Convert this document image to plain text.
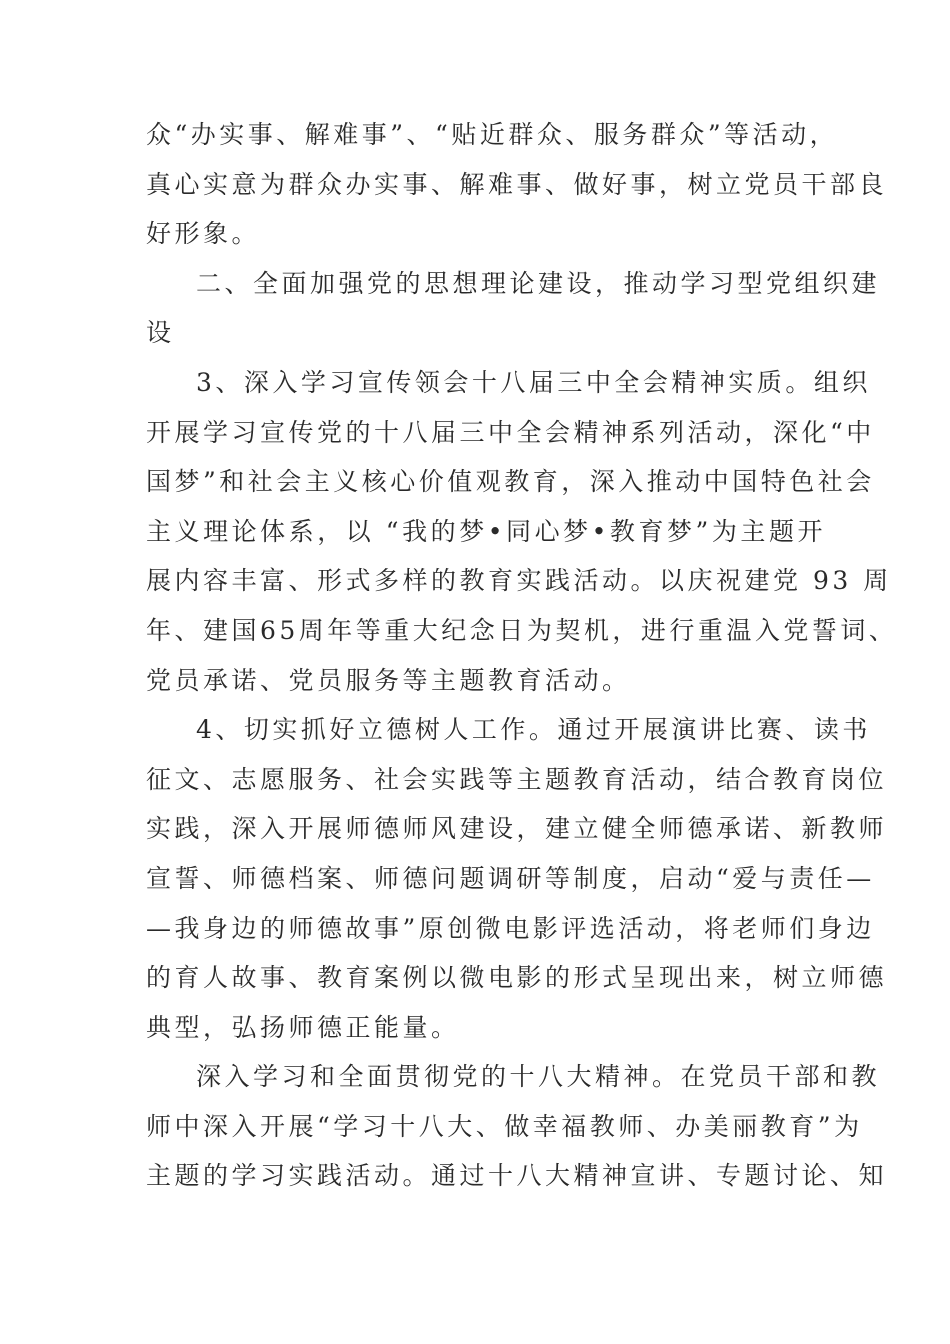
众“办实事、解难事”、“贴近群众、服务群众”等活动，
真心实意为群众办实事、解难事、做好事，树立党员干部良
好形象。
二、全面加强党的思想理论建设，推动学习型党组织建
设
3、深入学习宣传领会十八届三中全会精神实质。组织
开展学习宣传党的十八届三中全会精神系列活动，深化“中
国梦”和社会主义核心价值观教育，深入推动中国特色社会
主义理论体系，以 “我的梦•同心梦•教育梦”为主题开
展内容丰富、形式多样的教育实践活动。以庆祝建党 93 周
年、建国65周年等重大纪念日为契机，进行重温入党誓词、
党员承诺、党员服务等主题教育活动。
4、切实抓好立德树人工作。通过开展演讲比赛、读书
征文、志愿服务、社会实践等主题教育活动，结合教育岗位
实践，深入开展师德师风建设，建立健全师德承诺、新教师
宣誓、师德档案、师德问题调研等制度，启动“爱与责任—
—我身边的师德故事”原创微电影评选活动，将老师们身边
的育人故事、教育案例以微电影的形式呈现出来，树立师德
典型，弘扬师德正能量。
深入学习和全面贯彻党的十八大精神。在党员干部和教
师中深入开展“学习十八大、做幸福教师、办美丽教育”为
主题的学习实践活动。通过十八大精神宣讲、专题讨论、知
